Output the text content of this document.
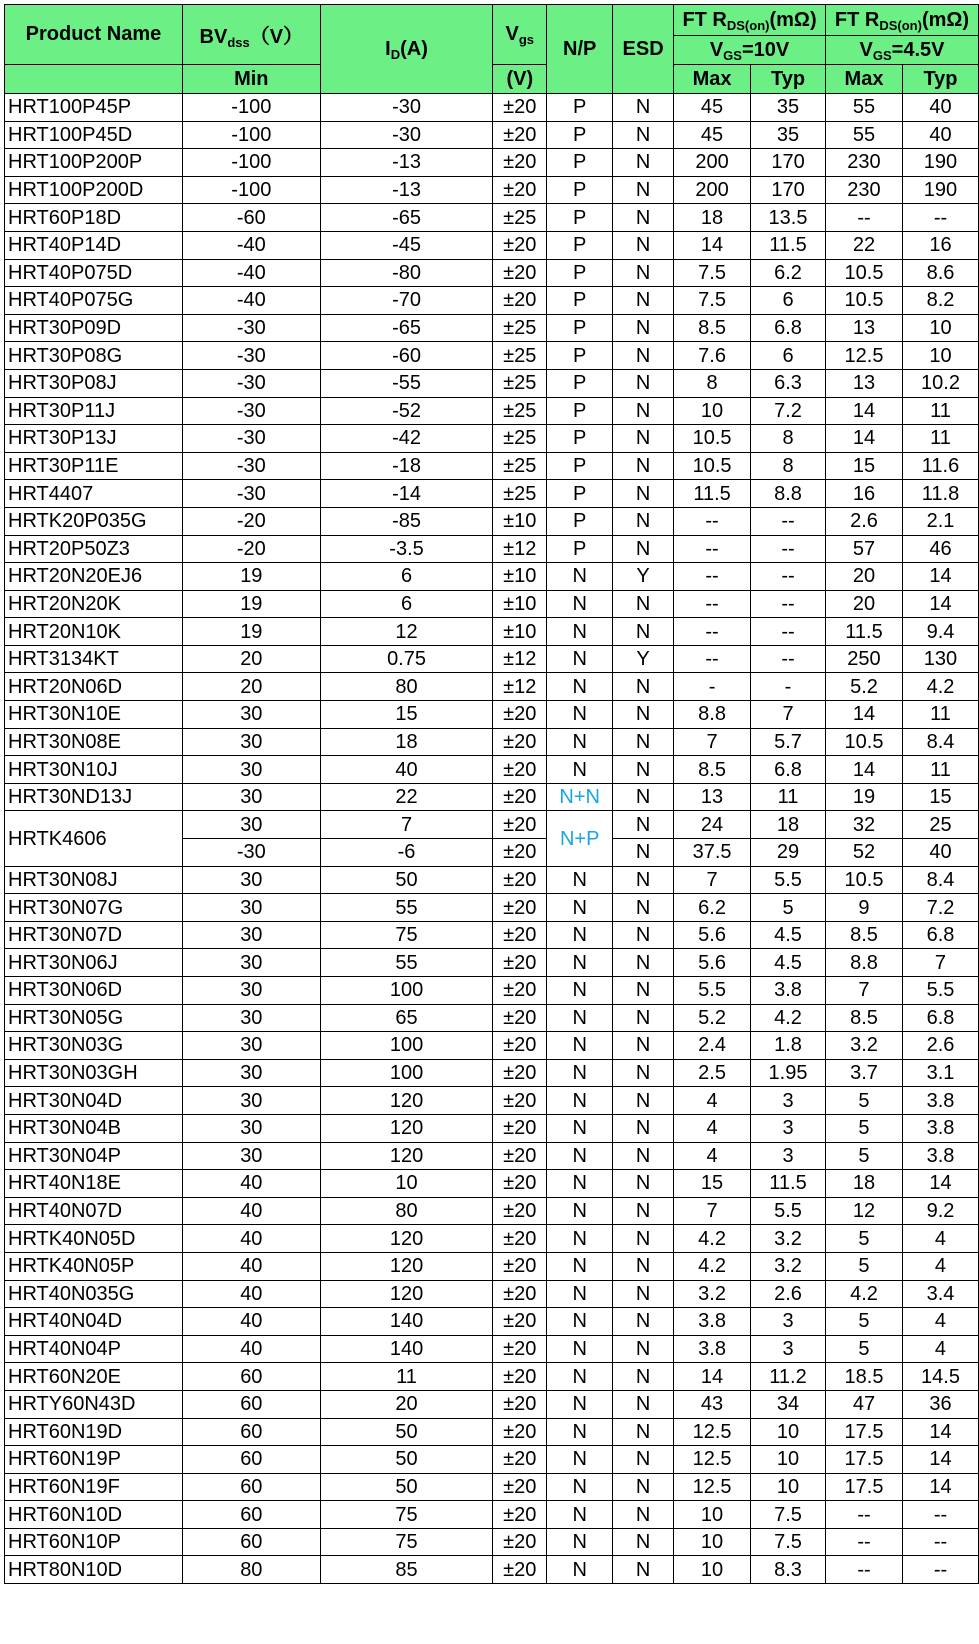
Product Name	$BV_{dss}(V)$	$I_D(A)$	$V_{gs}$	N/P	ESD	FT $R_{DS(on)}(m\Omega)$		FT $R_{DS(on)}(m\Omega)$	
						$V_{GS}=10V$		$V_{GS}=4.5V$	
	Min		(V)			Max	Typ	Max	Typ
HRT100P45P	-100	-30	±20	P	N	45	35	55	40
HRT100P45D	-100	-30	±20	P	N	45	35	55	40
HRT100P200P	-100	-13	±20	P	N	200	170	230	190
HRT100P200D	-100	-13	±20	P	N	200	170	230	190
HRT60P18D	-60	-65	±25	P	N	18	13.5	--	--
HRT40P14D	-40	-45	±20	P	N	14	11.5	22	16
HRT40P075D	-40	-80	±20	P	N	7.5	6.2	10.5	8.6
HRT40P075G	-40	-70	±20	P	N	7.5	6	10.5	8.2
HRT30P09D	-30	-65	±25	P	N	8.5	6.8	13	10
HRT30P08G	-30	-60	±25	P	N	7.6	6	12.5	10
HRT30P08J	-30	-55	±25	P	N	8	6.3	13	10.2
HRT30P11J	-30	-52	±25	P	N	10	7.2	14	11
HRT30P13J	-30	-42	±25	P	N	10.5	8	14	11
HRT30P11E	-30	-18	±25	P	N	10.5	8	15	11.6
HRT4407	-30	-14	±25	P	N	11.5	8.8	16	11.8
HRTK20P035G	-20	-85	±10	P	N	--	--	2.6	2.1
HRT20P50Z3	-20	-3.5	±12	P	N	--	--	57	46
HRT20N20EJ6	19	6	±10	N	Y	--	--	20	14
HRT20N20K	19	6	±10	N	N	--	--	20	14
HRT20N10K	19	12	±10	N	N	--	--	11.5	9.4
HRT3134KT	20	0.75	±12	N	Y	--	--	250	130
HRT20N06D	20	80	±12	N	N	-	-	5.2	4.2
HRT30N10E	30	15	±20	N	N	8.8	7	14	11
HRT30N08E	30	18	±20	N	N	7	5.7	10.5	8.4
HRT30N10J	30	40	±20	N	N	8.5	6.8	14	11
HRT30ND13J	30	22	±20	N+N	N	13	11	19	15
HRTK4606	30	7	±20	N+P	N	24	18	32	25
	-30	-6	±20		N	37.5	29	52	40
HRT30N08J	30	50	±20	N	N	7	5.5	10.5	8.4
HRT30N07G	30	55	±20	N	N	6.2	5	9	7.2
HRT30N07D	30	75	±20	N	N	5.6	4.5	8.5	6.8
HRT30N06J	30	55	±20	N	N	5.6	4.5	8.8	7
HRT30N06D	30	100	±20	N	N	5.5	3.8	7	5.5
HRT30N05G	30	65	±20	N	N	5.2	4.2	8.5	6.8
HRT30N03G	30	100	±20	N	N	2.4	1.8	3.2	2.6
HRT30N03GH	30	100	±20	N	N	2.5	1.95	3.7	3.1
HRT30N04D	30	120	±20	N	N	4	3	5	3.8
HRT30N04B	30	120	±20	N	N	4	3	5	3.8
HRT30N04P	30	120	±20	N	N	4	3	5	3.8
HRT40N18E	40	10	±20	N	N	15	11.5	18	14
HRT40N07D	40	80	±20	N	N	7	5.5	12	9.2
HRTK40N05D	40	120	±20	N	N	4.2	3.2	5	4
HRTK40N05P	40	120	±20	N	N	4.2	3.2	5	4
HRT40N035G	40	120	±20	N	N	3.2	2.6	4.2	3.4
HRT40N04D	40	140	±20	N	N	3.8	3	5	4
HRT40N04P	40	140	±20	N	N	3.8	3	5	4
HRT60N20E	60	11	±20	N	N	14	11.2	18.5	14.5
HRTY60N43D	60	20	±20	N	N	43	34	47	36
HRT60N19D	60	50	±20	N	N	12.5	10	17.5	14
HRT60N19P	60	50	±20	N	N	12.5	10	17.5	14
HRT60N19F	60	50	±20	N	N	12.5	10	17.5	14
HRT60N10D	60	75	±20	N	N	10	7.5	--	--
HRT60N10P	60	75	±20	N	N	10	7.5	--	--
HRT80N10D	80	85	±20	N	N	10	8.3	--	--
